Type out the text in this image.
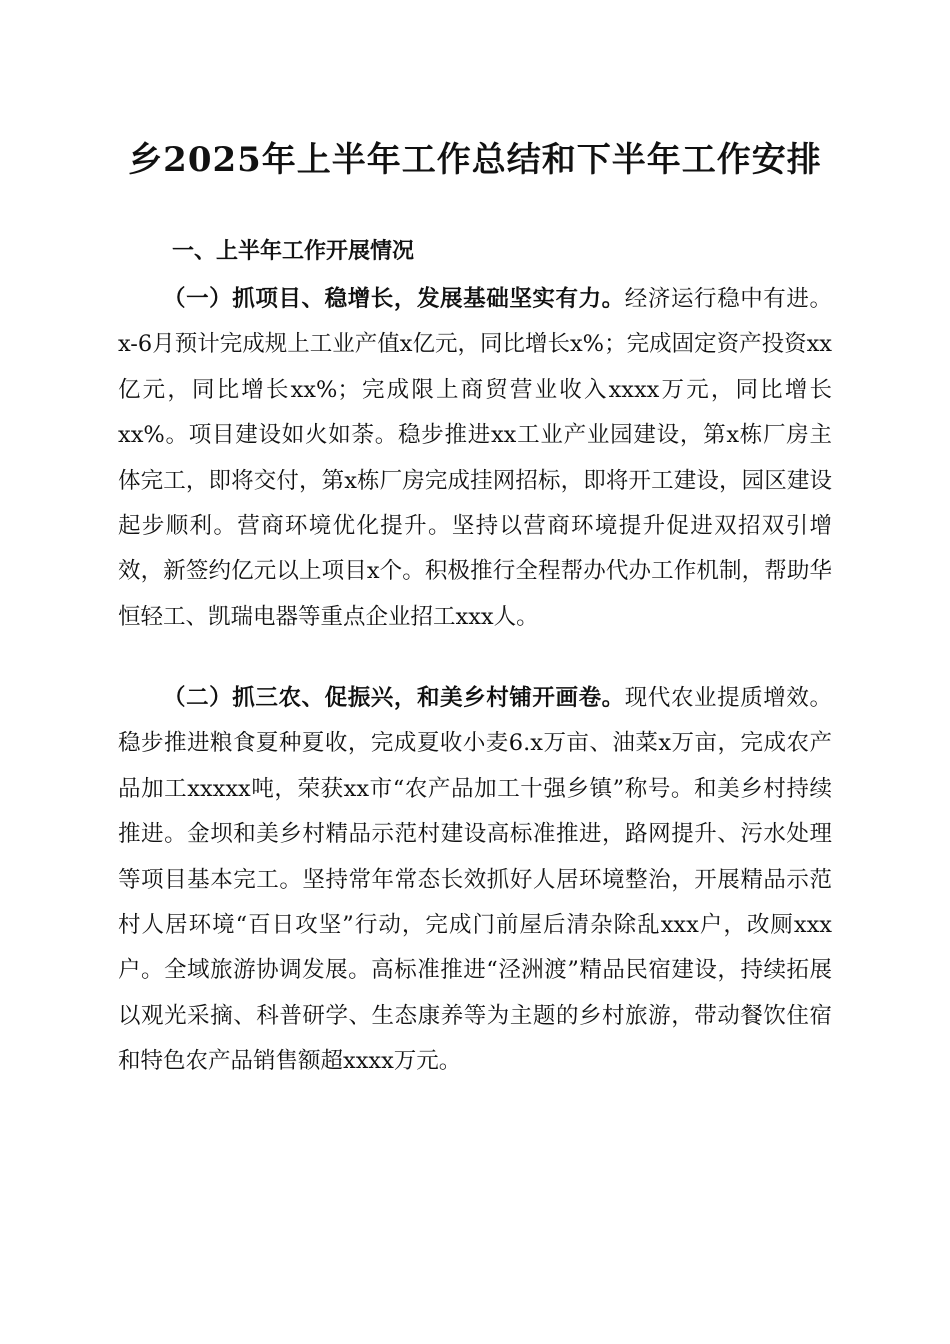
乡2025年上半年工作总结和下半年工作安排
一、上半年工作开展情况

（一）抓项目、稳增长，发展基础坚实有力。经济运行稳中有进。x-6月预计完成规上工业产值x亿元，同比增长x%；完成固定资产投资xx亿元，同比增长xx%；完成限上商贸营业收入xxxx万元，同比增长xx%。项目建设如火如荼。稳步推进xx工业产业园建设，第x栋厂房主体完工，即将交付，第x栋厂房完成挂网招标，即将开工建设，园区建设起步顺利。营商环境优化提升。坚持以营商环境提升促进双招双引增效，新签约亿元以上项目x个。积极推行全程帮办代办工作机制，帮助华恒轻工、凯瑞电器等重点企业招工xxx人。

（二）抓三农、促振兴，和美乡村铺开画卷。现代农业提质增效。稳步推进粮食夏种夏收，完成夏收小麦6.x万亩、油菜x万亩，完成农产品加工xxxxx吨，荣获xx市“农产品加工十强乡镇”称号。和美乡村持续推进。金坝和美乡村精品示范村建设高标准推进，路网提升、污水处理等项目基本完工。坚持常年常态长效抓好人居环境整治，开展精品示范村人居环境“百日攻坚”行动，完成门前屋后清杂除乱xxx户，改厕xxx户。全域旅游协调发展。高标准推进“泾洲渡”精品民宿建设，持续拓展以观光采摘、科普研学、生态康养等为主题的乡村旅游，带动餐饮住宿和特色农产品销售额超xxxx万元。
